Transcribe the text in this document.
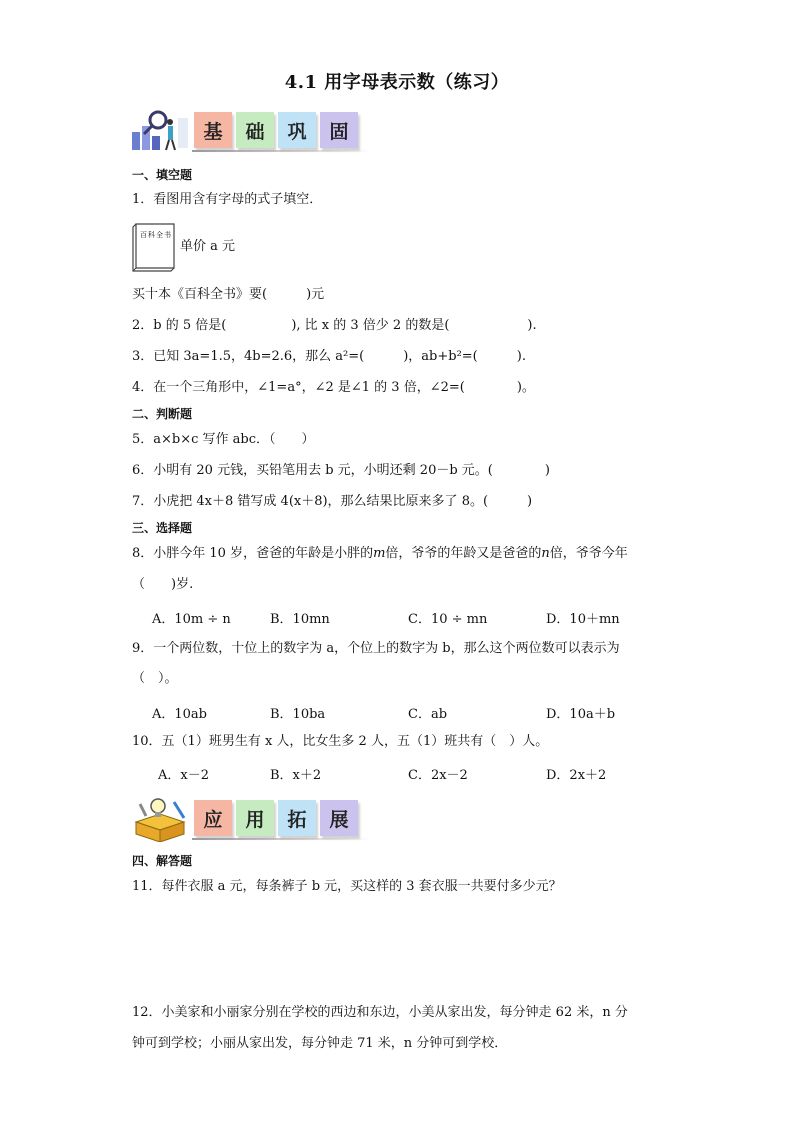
4.1 用字母表示数（练习）
基	础	巩	固
一、填空题
1．看图用含有字母的式子填空．
百科全书
单价 a 元
买十本《百科全书》要(　　　)元
2．b 的 5 倍是(　　　　　), 比 x 的 3 倍少 2 的数是(　　　　　　).
3．已知 3a=1.5，4b=2.6，那么 a²=(　　　)，ab+b²=(　　　).
4．在一个三角形中，∠1=a°，∠2 是∠1 的 3 倍，∠2=(　　　　)。
二、判断题
5．a×b×c 写作 abc．（　　）
6．小明有 20 元钱，买铅笔用去 b 元，小明还剩 20－b 元。(　　　　)
7．小虎把 4x＋8 错写成 4(x＋8)，那么结果比原来多了 8。(　　　)
三、选择题
8．小胖今年 10 岁，爸爸的年龄是小胖的m倍，爷爷的年龄又是爸爸的n倍，爷爷今年
（　　)岁.
A．10m ÷ n	B．10mn	C．10 ÷ mn	D．10＋mn
9．一个两位数，十位上的数字为 a，个位上的数字为 b，那么这个两位数可以表示为
（　）。
A．10ab	B．10ba	C．ab	D．10a＋b
10．五（1）班男生有 x 人，比女生多 2 人，五（1）班共有（　）人。
A．x－2	B．x＋2	C．2x－2	D．2x＋2
应	用	拓	展
四、解答题
11．每件衣服 a 元，每条裤子 b 元，买这样的 3 套衣服一共要付多少元？
12．小美家和小丽家分别在学校的西边和东边，小美从家出发，每分钟走 62 米，n 分
钟可到学校；小丽从家出发，每分钟走 71 米，n 分钟可到学校．
